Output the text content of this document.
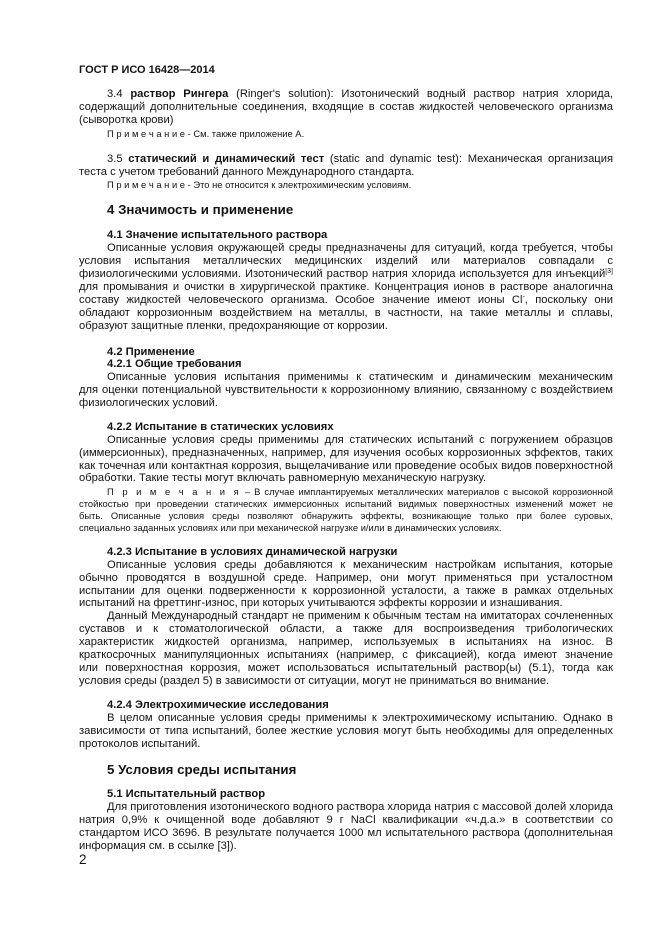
ГОСТ Р ИСО 16428—2014
3.4 раствор Рингера (Ringer's solution): Изотонический водный раствор натрия хлорида,
содержащий дополнительные соединения, входящие в состав жидкостей человеческого организма
(сыворотка крови)
П р и м е ч а н и е - См. также приложение А.
3.5 статический и динамический тест (static and dynamic test): Механическая организация
теста с учетом требований данного Международного стандарта.
П р и м е ч а н и е - Это не относится к электрохимическим условиям.
4 Значимость и применение
4.1 Значение испытательного раствора
Описанные условия окружающей среды предназначены для ситуаций, когда требуется, чтобы
условия испытания металлических медицинских изделий или материалов совпадали с
физиологическими условиями. Изотонический раствор натрия хлорида используется для инъекций[3]
для промывания и очистки в хирургической практике. Концентрация ионов в растворе аналогична
составу жидкостей человеческого организма. Особое значение имеют ионы Cl-, поскольку они
обладают коррозионным воздействием на металлы, в частности, на такие металлы и сплавы,
образуют защитные пленки, предохраняющие от коррозии.
4.2 Применение
4.2.1 Общие требования
Описанные условия испытания применимы к статическим и динамическим механическим
для оценки потенциальной чувствительности к коррозионному влиянию, связанному с воздействием
физиологических условий.
4.2.2 Испытание в статических условиях
Описанные условия среды применимы для статических испытаний с погружением образцов
(иммерсионных), предназначенных, например, для изучения особых коррозионных эффектов, таких
как точечная или контактная коррозия, выщелачивание или проведение особых видов поверхностной
обработки. Такие тесты могут включать равномерную механическую нагрузку.
П р и м е ч а н и я – В случае имплантируемых металлических материалов с высокой коррозионной
стойкостью при проведении статических иммерсионных испытаний видимых поверхностных изменений может не
быть. Описанные условия среды позволяют обнаружить эффекты, возникающие только при более суровых,
специально заданных условиях или при механической нагрузке и/или в динамических условиях.
4.2.3 Испытание в условиях динамической нагрузки
Описанные условия среды добавляются к механическим настройкам испытания, которые
обычно проводятся в воздушной среде. Например, они могут применяться при усталостном
испытании для оценки подверженности к коррозионной усталости, а также в рамках отдельных
испытаний на фреттинг-износ, при которых учитываются эффекты коррозии и изнашивания.
Данный Международный стандарт не применим к обычным тестам на имитаторах сочлененных
суставов и к стоматологической области, а также для воспроизведения трибологических
характеристик жидкостей организма, например, используемых в испытаниях на износ. В
краткосрочных манипуляционных испытаниях (например, с фиксацией), когда имеют значение
или поверхностная коррозия, может использоваться испытательный раствор(ы) (5.1), тогда как
условия среды (раздел 5) в зависимости от ситуации, могут не приниматься во внимание.
4.2.4 Электрохимические исследования
В целом описанные условия среды применимы к электрохимическому испытанию. Однако в
зависимости от типа испытаний, более жесткие условия могут быть необходимы для определенных
протоколов испытаний.
5 Условия среды испытания
5.1 Испытательный раствор
Для приготовления изотонического водного раствора хлорида натрия с массовой долей хлорида
натрия 0,9% к очищенной воде добавляют 9 г NaCl квалификации «ч.д.а.» в соответствии со
стандартом ИСО 3696. В результате получается 1000 мл испытательного раствора (дополнительная
информация см. в ссылке [3]).
2
